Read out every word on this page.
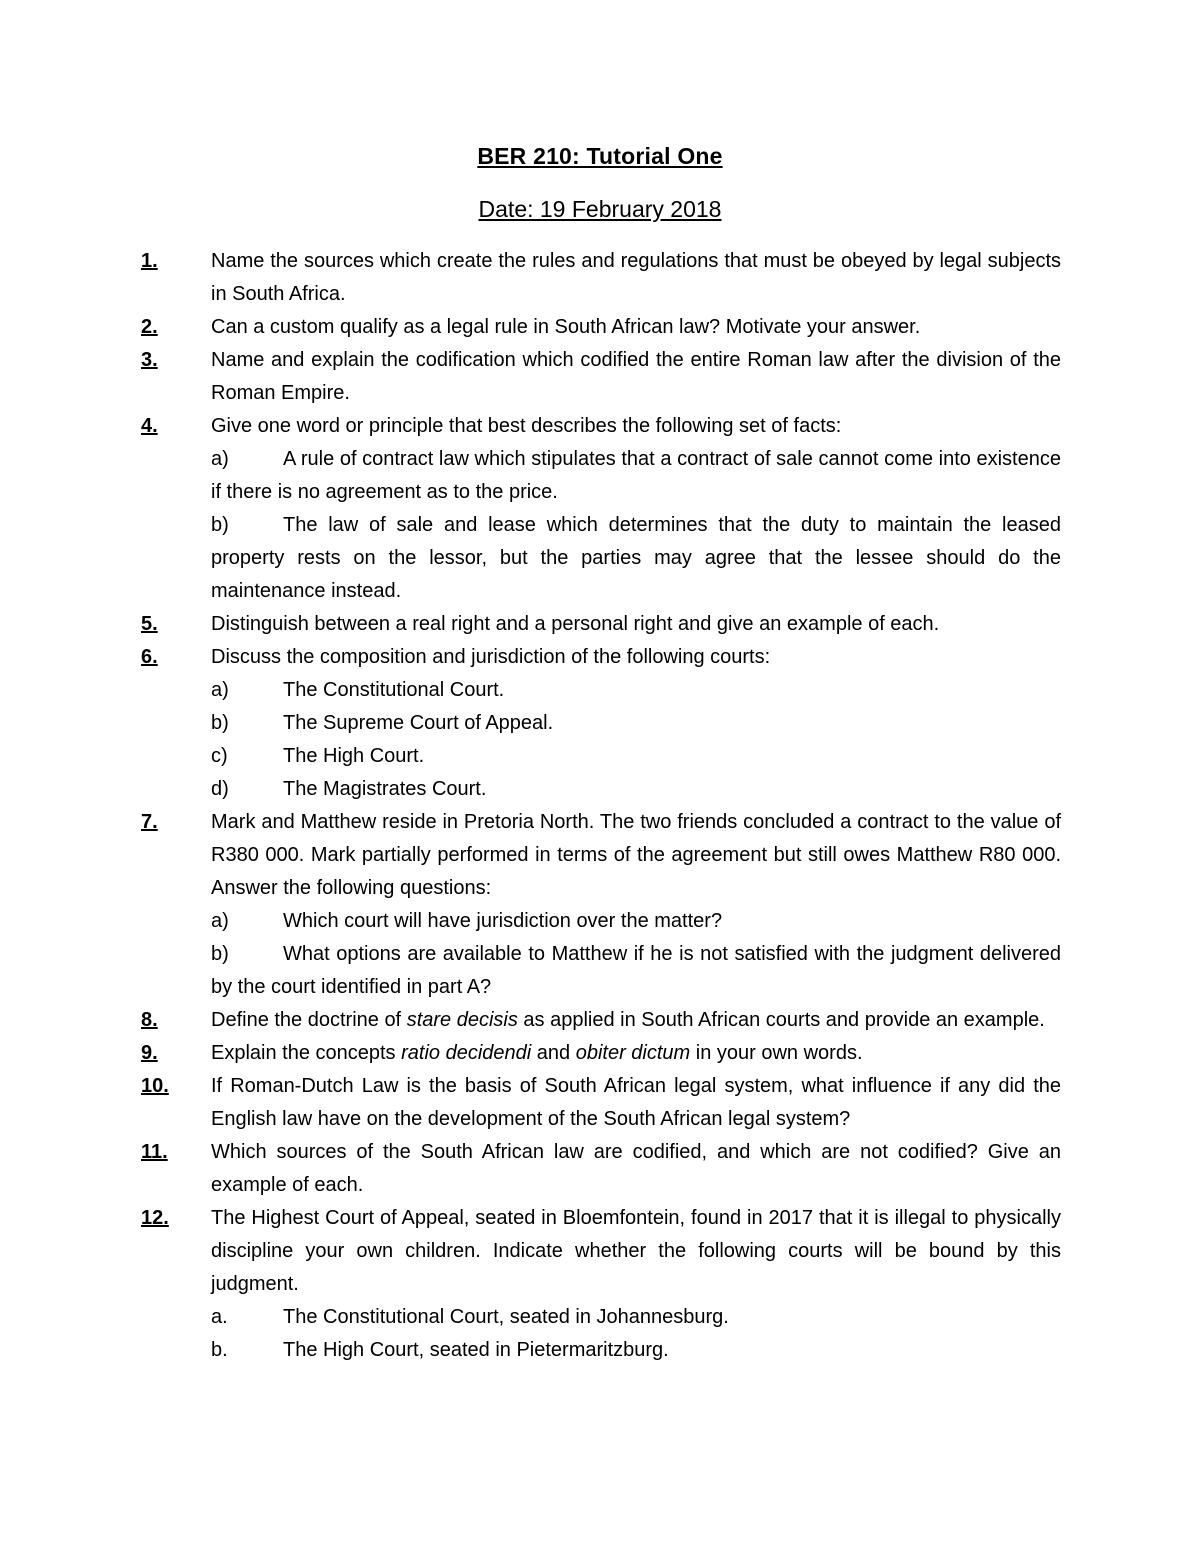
BER 210: Tutorial One
Date: 19 February 2018
1.	Name the sources which create the rules and regulations that must be obeyed by legal subjects in South Africa.
2.	Can a custom qualify as a legal rule in South African law? Motivate your answer.
3.	Name and explain the codification which codified the entire Roman law after the division of the Roman Empire.
4.	Give one word or principle that best describes the following set of facts:
a)	A rule of contract law which stipulates that a contract of sale cannot come into existence if there is no agreement as to the price.
b)	The law of sale and lease which determines that the duty to maintain the leased property rests on the lessor, but the parties may agree that the lessee should do the maintenance instead.
5.	Distinguish between a real right and a personal right and give an example of each.
6.	Discuss the composition and jurisdiction of the following courts:
a)	The Constitutional Court.
b)	The Supreme Court of Appeal.
c)	The High Court.
d)	The Magistrates Court.
7.	Mark and Matthew reside in Pretoria North. The two friends concluded a contract to the value of R380 000. Mark partially performed in terms of the agreement but still owes Matthew R80 000. Answer the following questions:
a)	Which court will have jurisdiction over the matter?
b)	What options are available to Matthew if he is not satisfied with the judgment delivered by the court identified in part A?
8.	Define the doctrine of stare decisis as applied in South African courts and provide an example.
9.	Explain the concepts ratio decidendi and obiter dictum in your own words.
10. If Roman-Dutch Law is the basis of South African legal system, what influence if any did the English law have on the development of the South African legal system?
11. Which sources of the South African law are codified, and which are not codified? Give an example of each.
12. The Highest Court of Appeal, seated in Bloemfontein, found in 2017 that it is illegal to physically discipline your own children. Indicate whether the following courts will be bound by this judgment.
a.	The Constitutional Court, seated in Johannesburg.
b.	The High Court, seated in Pietermaritzburg.
